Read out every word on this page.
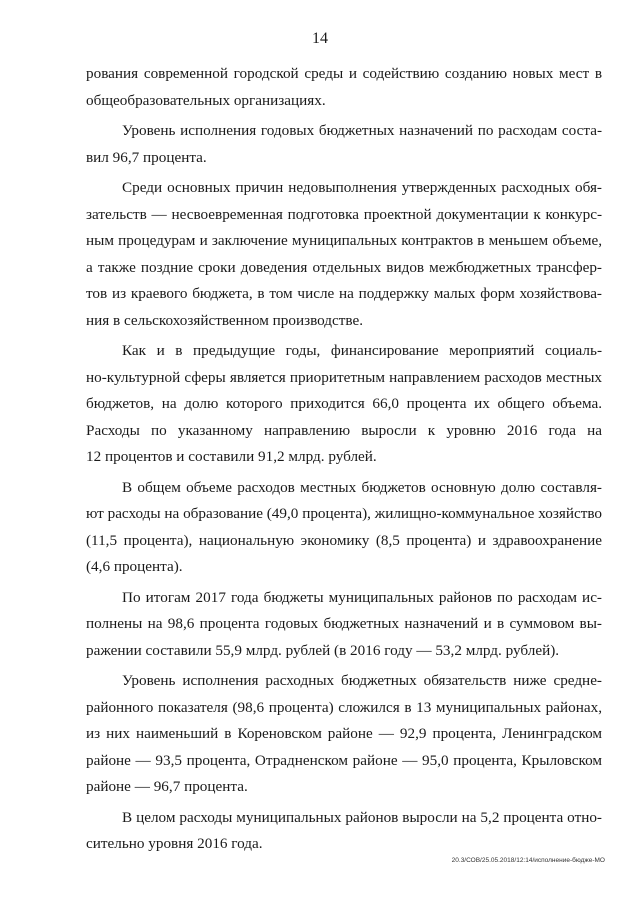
14
рования современной городской среды и содействию созданию новых мест в
общеобразовательных организациях.
Уровень исполнения годовых бюджетных назначений по расходам соста-
вил 96,7 процента.
Среди основных причин недовыполнения утвержденных расходных обя-
зательств — несвоевременная подготовка проектной документации к конкурс-
ным процедурам и заключение муниципальных контрактов в меньшем объеме,
а также поздние сроки доведения отдельных видов межбюджетных трансфер-
тов из краевого бюджета, в том числе на поддержку малых форм хозяйствова-
ния в сельскохозяйственном производстве.
Как и в предыдущие годы, финансирование мероприятий социаль-
но-культурной сферы является приоритетным направлением расходов местных
бюджетов, на долю которого приходится 66,0 процента их общего объема.
Расходы по указанному направлению выросли к уровню 2016 года на
12 процентов и составили 91,2 млрд. рублей.
В общем объеме расходов местных бюджетов основную долю составля-
ют расходы на образование (49,0 процента), жилищно-коммунальное хозяйство
(11,5 процента), национальную экономику (8,5 процента) и здравоохранение
(4,6 процента).
По итогам 2017 года бюджеты муниципальных районов по расходам ис-
полнены на 98,6 процента годовых бюджетных назначений и в суммовом вы-
ражении составили 55,9 млрд. рублей (в 2016 году — 53,2 млрд. рублей).
Уровень исполнения расходных бюджетных обязательств ниже средне-
районного показателя (98,6 процента) сложился в 13 муниципальных районах,
из них наименьший в Кореновском районе — 92,9 процента, Ленинградском
районе — 93,5 процента, Отрадненском районе — 95,0 процента, Крыловском
районе — 96,7 процента.
В целом расходы муниципальных районов выросли на 5,2 процента отно-
сительно уровня 2016 года.
20.3/СОВ/25.05.2018/12:14/исполнение-бюдже-МО
